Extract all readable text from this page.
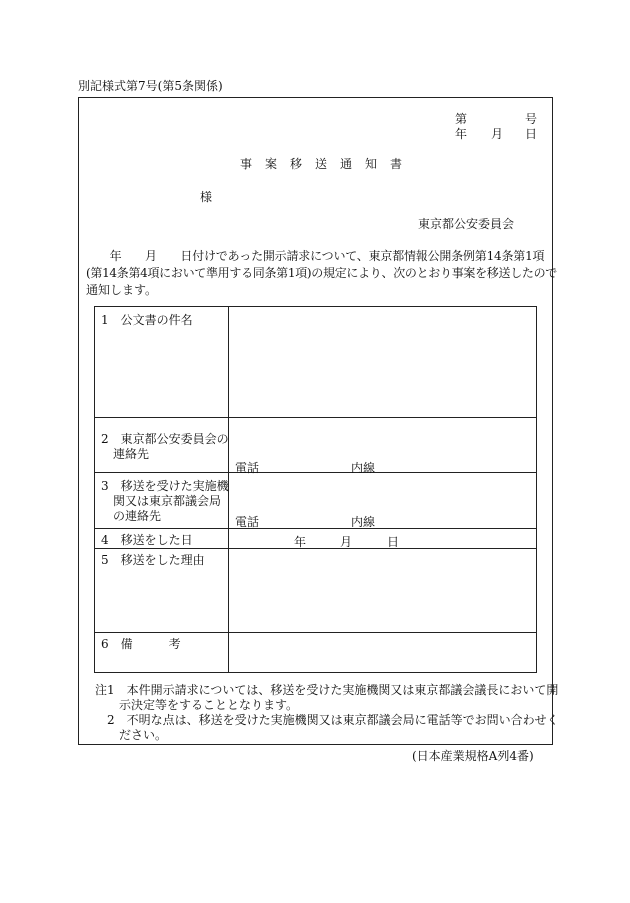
別記様式第7号(第5条関係)
第	号
年 月 日
事案移送通知書
様
東京都公安委員会
　　年　　月　　日付けであった開示請求について、東京都情報公開条例第14条第1項
(第14条第4項において準用する同条第1項)の規定により、次のとおり事案を移送したので
通知します。
1　公文書の件名	

2　東京都公安委員会の
　連絡先	電話 内線

3　移送を受けた実施機
　関又は東京都議会局
　の連絡先	電話 内線

4　移送をした日	年 月 日

5　移送をした理由	

6　備　　　考	

注1　本件開示請求については、移送を受けた実施機関又は東京都議会議長において開
　　示決定等をすることとなります。
　2　不明な点は、移送を受けた実施機関又は東京都議会局に電話等でお問い合わせく
　　ださい。
(日本産業規格A列4番)
